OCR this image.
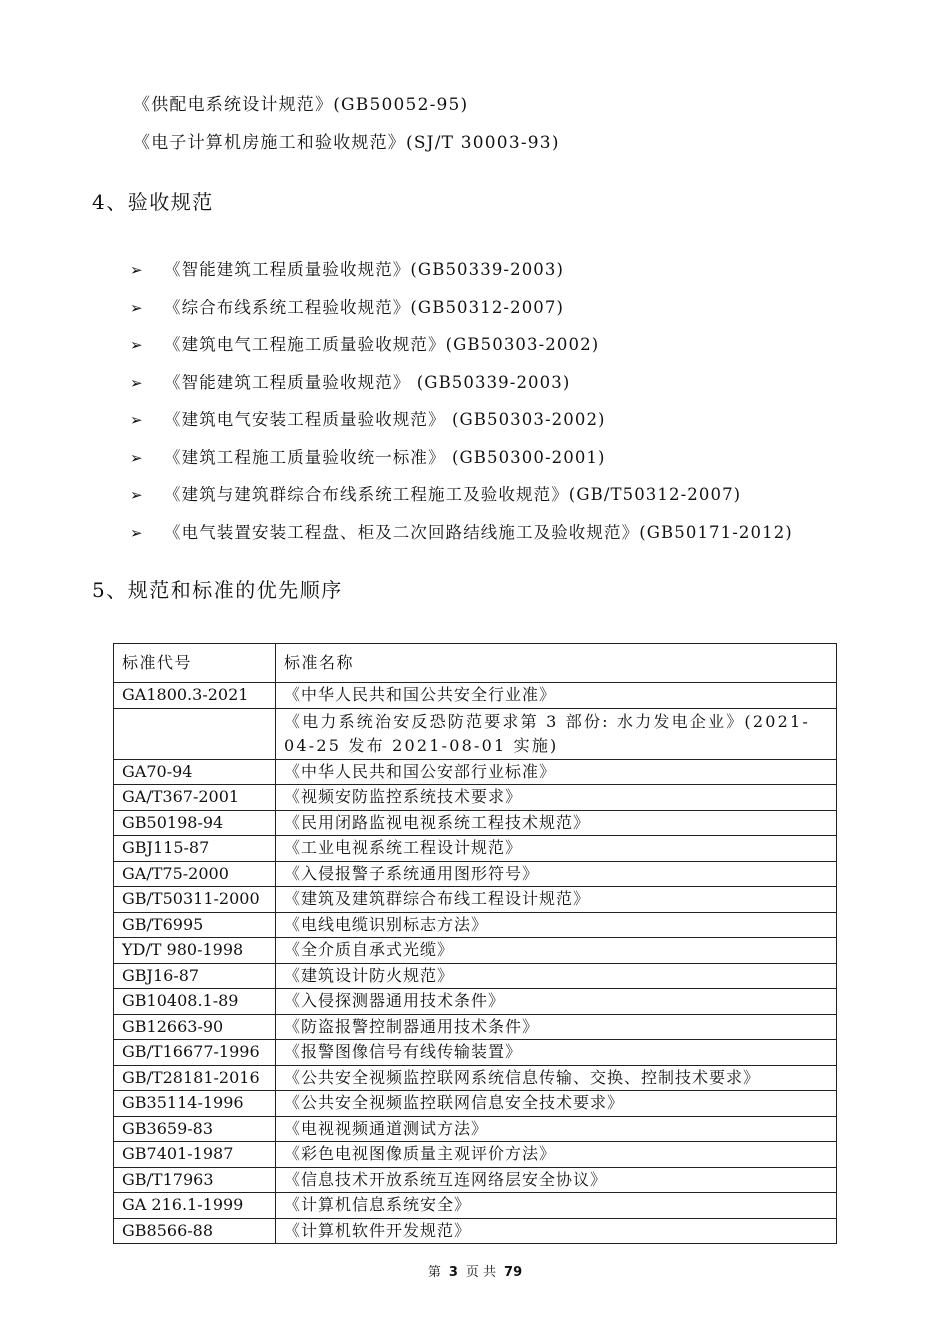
《供配电系统设计规范》(GB50052-95)
《电子计算机房施工和验收规范》(SJ/T 30003-93)
4、验收规范
➢ 《智能建筑工程质量验收规范》(GB50339-2003)
➢ 《综合布线系统工程验收规范》(GB50312-2007)
➢ 《建筑电气工程施工质量验收规范》(GB50303-2002)
➢ 《智能建筑工程质量验收规范》 (GB50339-2003)
➢ 《建筑电气安装工程质量验收规范》 (GB50303-2002)
➢ 《建筑工程施工质量验收统一标准》 (GB50300-2001)
➢ 《建筑与建筑群综合布线系统工程施工及验收规范》(GB/T50312-2007)
➢ 《电气装置安装工程盘、柜及二次回路结线施工及验收规范》(GB50171-2012)
5、规范和标准的优先顺序
标准代号	标准名称
GA1800.3-2021	《中华人民共和国公共安全行业准》
	《电力系统治安反恐防范要求第 3 部份: 水力发电企业》(2021-04-25 发布 2021-08-01 实施)
GA70-94	《中华人民共和国公安部行业标准》
GA/T367-2001	《视频安防监控系统技术要求》
GB50198-94	《民用闭路监视电视系统工程技术规范》
GBJ115-87	《工业电视系统工程设计规范》
GA/T75-2000	《入侵报警子系统通用图形符号》
GB/T50311-2000	《建筑及建筑群综合布线工程设计规范》
GB/T6995	《电线电缆识别标志方法》
YD/T 980-1998	《全介质自承式光缆》
GBJ16-87	《建筑设计防火规范》
GB10408.1-89	《入侵探测器通用技术条件》
GB12663-90	《防盗报警控制器通用技术条件》
GB/T16677-1996	《报警图像信号有线传输装置》
GB/T28181-2016	《公共安全视频监控联网系统信息传输、交换、控制技术要求》
GB35114-1996	《公共安全视频监控联网信息安全技术要求》
GB3659-83	《电视视频通道测试方法》
GB7401-1987	《彩色电视图像质量主观评价方法》
GB/T17963	《信息技术开放系统互连网络层安全协议》
GA 216.1-1999	《计算机信息系统安全》
GB8566-88	《计算机软件开发规范》
第 3 页 共 79
